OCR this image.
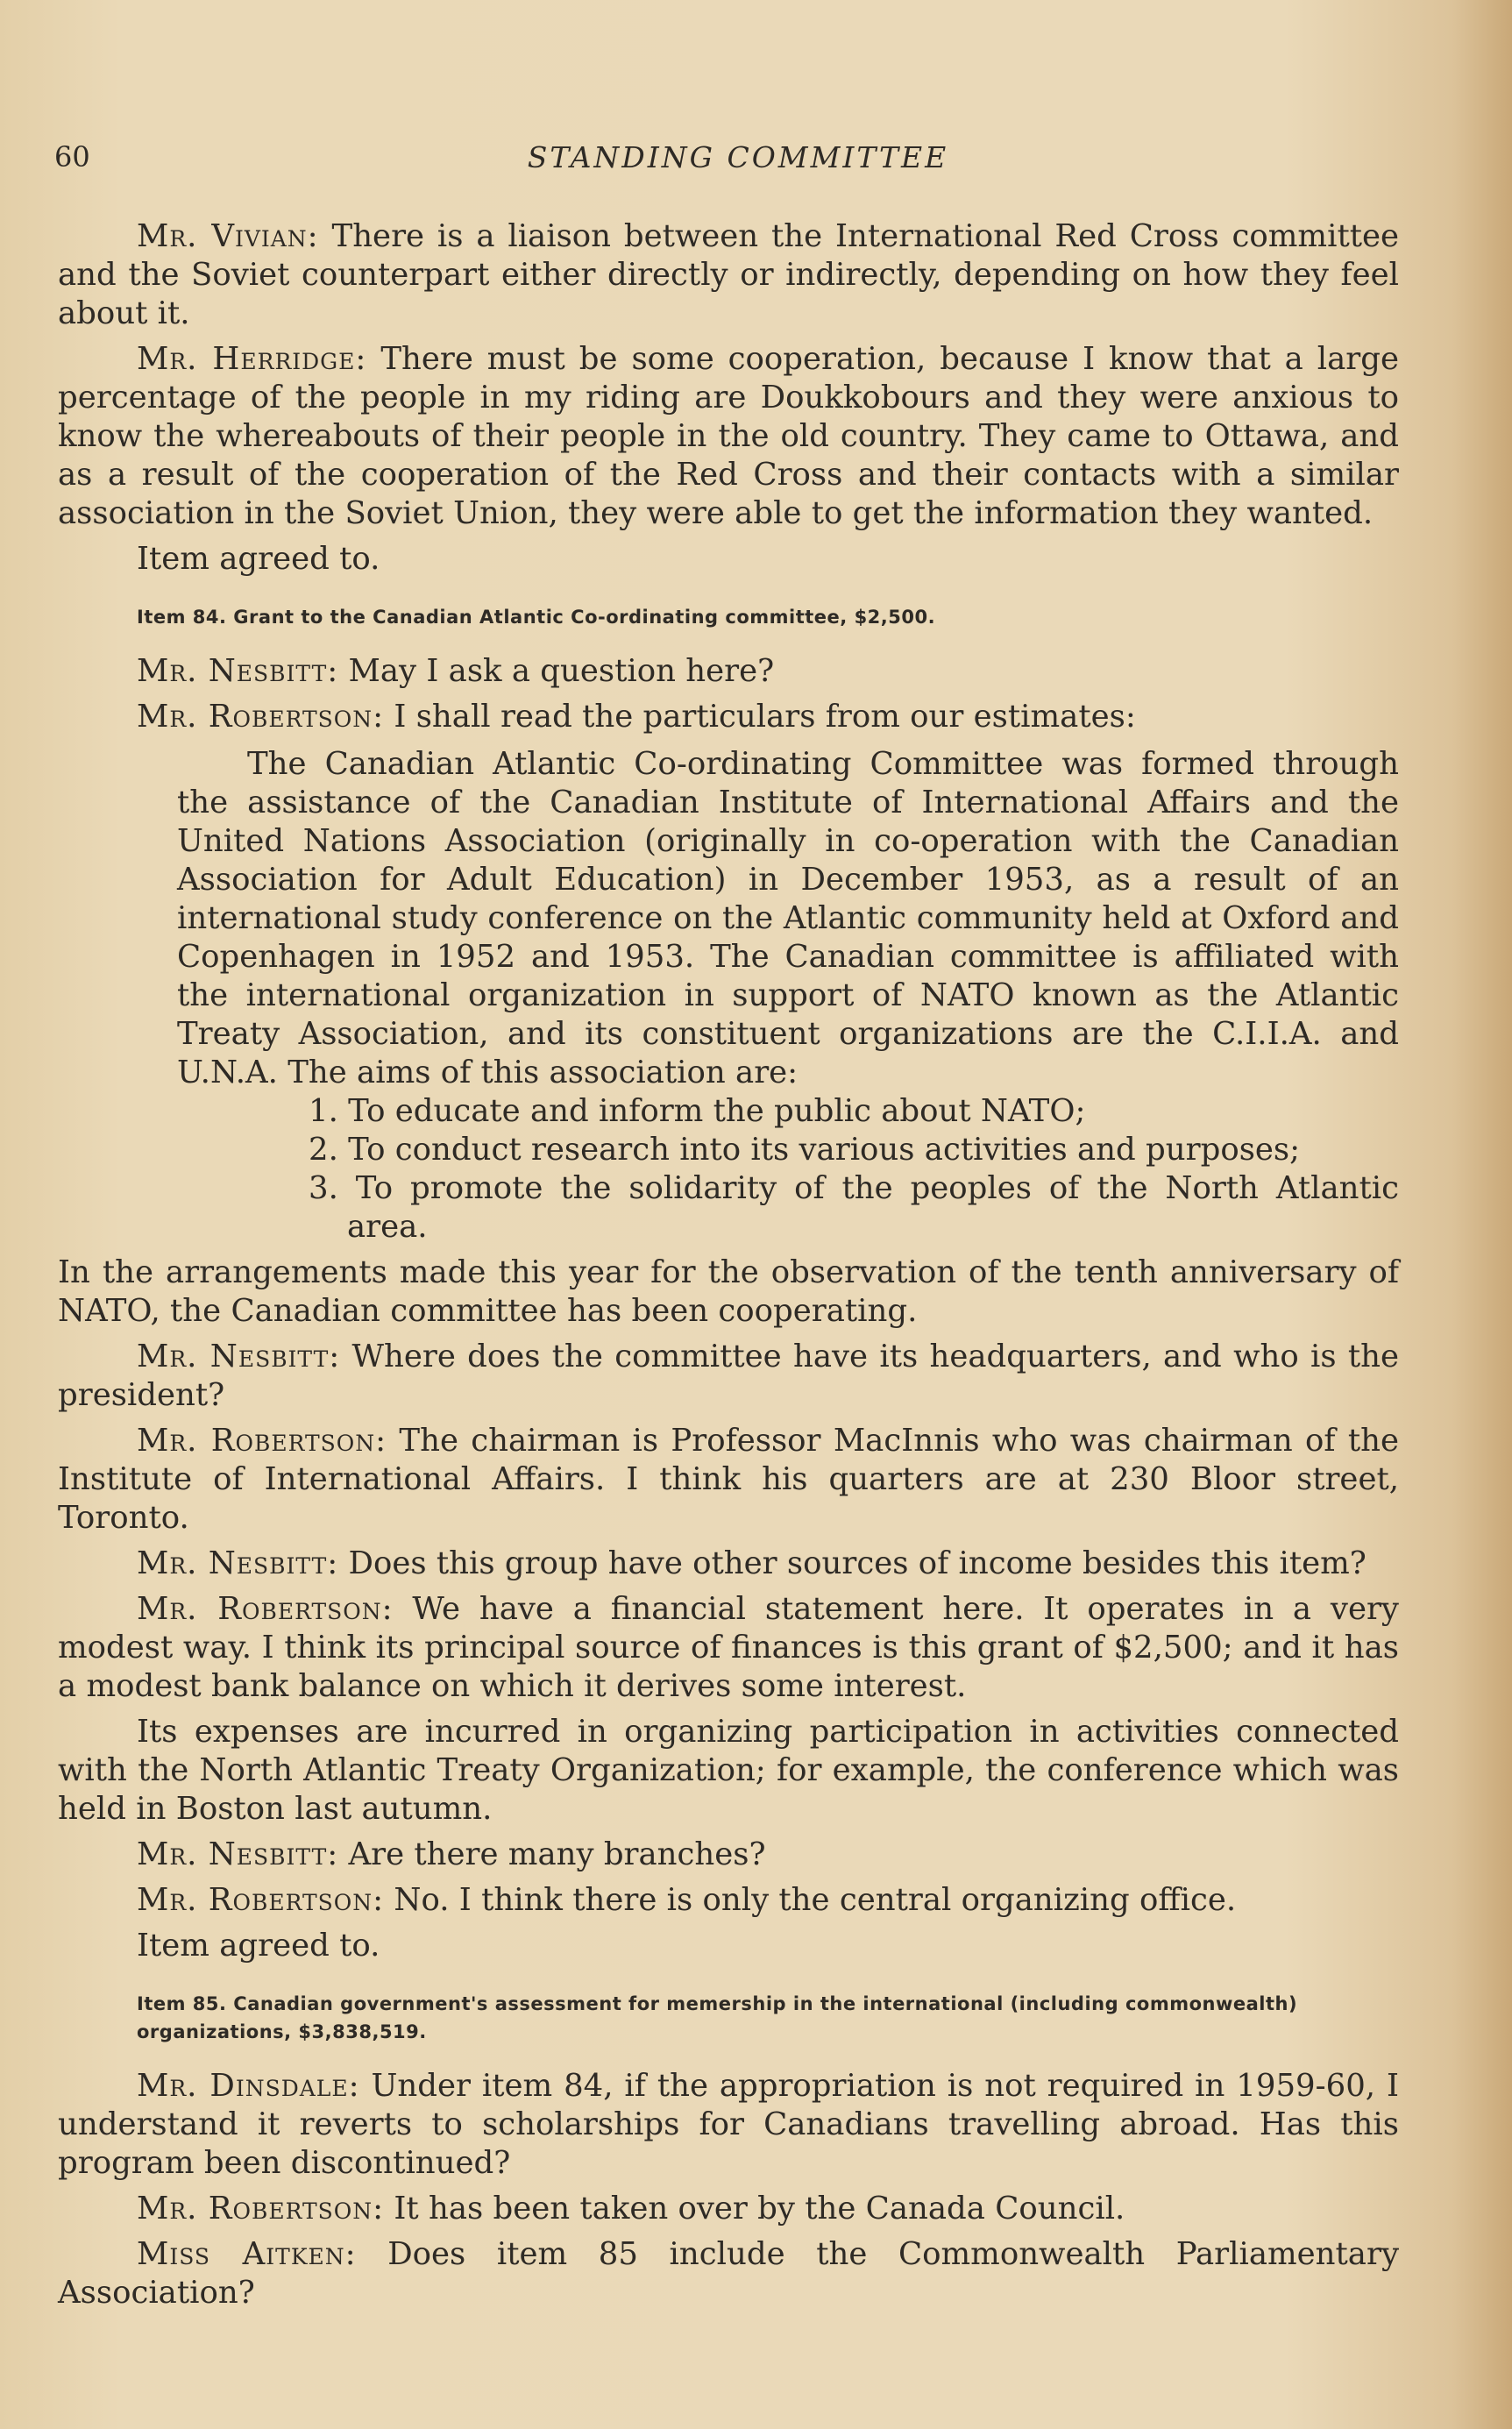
60	STANDING COMMITTEE

Mr. Vivian: There is a liaison between the International Red Cross committee and the Soviet counterpart either directly or indirectly, depending on how they feel about it.

Mr. Herridge: There must be some cooperation, because I know that a large percentage of the people in my riding are Doukkobours and they were anxious to know the whereabouts of their people in the old country. They came to Ottawa, and as a result of the cooperation of the Red Cross and their contacts with a similar association in the Soviet Union, they were able to get the information they wanted.

Item agreed to.

Item 84. Grant to the Canadian Atlantic Co-ordinating committee, $2,500.

Mr. Nesbitt: May I ask a question here?

Mr. Robertson: I shall read the particulars from our estimates:

The Canadian Atlantic Co-ordinating Committee was formed through the assistance of the Canadian Institute of International Affairs and the United Nations Association (originally in co-operation with the Canadian Association for Adult Education) in December 1953, as a result of an international study conference on the Atlantic community held at Oxford and Copenhagen in 1952 and 1953. The Canadian committee is affiliated with the international organization in support of NATO known as the Atlantic Treaty Association, and its constituent organizations are the C.I.I.A. and U.N.A. The aims of this association are:

1. To educate and inform the public about NATO;
2. To conduct research into its various activities and purposes;
3. To promote the solidarity of the peoples of the North Atlantic area.

In the arrangements made this year for the observation of the tenth anniversary of NATO, the Canadian committee has been cooperating.

Mr. Nesbitt: Where does the committee have its headquarters, and who is the president?

Mr. Robertson: The chairman is Professor MacInnis who was chairman of the Institute of International Affairs. I think his quarters are at 230 Bloor street, Toronto.

Mr. Nesbitt: Does this group have other sources of income besides this item?

Mr. Robertson: We have a financial statement here. It operates in a very modest way. I think its principal source of finances is this grant of $2,500; and it has a modest bank balance on which it derives some interest.

Its expenses are incurred in organizing participation in activities connected with the North Atlantic Treaty Organization; for example, the conference which was held in Boston last autumn.

Mr. Nesbitt: Are there many branches?

Mr. Robertson: No. I think there is only the central organizing office.

Item agreed to.

Item 85. Canadian government's assessment for memership in the international (including commonwealth) organizations, $3,838,519.

Mr. Dinsdale: Under item 84, if the appropriation is not required in 1959-60, I understand it reverts to scholarships for Canadians travelling abroad. Has this program been discontinued?

Mr. Robertson: It has been taken over by the Canada Council.

Miss Aitken: Does item 85 include the Commonwealth Parliamentary Association?
